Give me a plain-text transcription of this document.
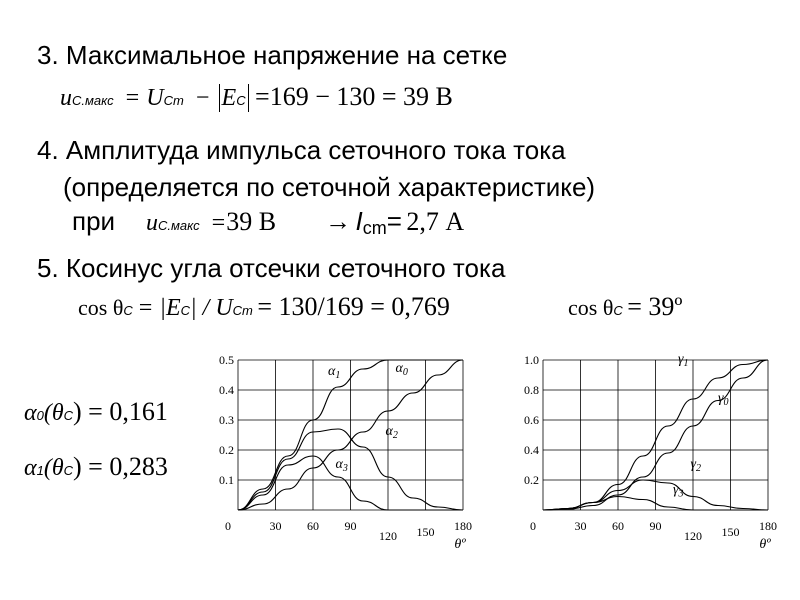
3. Максимальное напряжение на сетке
uС.макс  = UCm  − EC =169 − 130 = 39 В
4. Амплитуда импульса сеточного тока тока
(определяется по сеточной характеристике)
при uС.макс  =39 В → Icm= 2,7 А
5. Косинус угла отсечки сеточного тока
cos θC = |EC| / UCm = 130/169 = 0,769	cos θC = 39º
α0(θC) = 0,161
α1(θC) = 0,283	0.1
0.2
0.3
0.4
0.5
0	30 60 90
120 150 180
θº
$\alpha_1$	$\alpha_0$
$\alpha_2$
$\alpha_3$
0.2
0.4
0.6
0.8
1.0
0	30 60 90
120 150 180
θº
$\gamma_1$
$\gamma_0$
$\gamma_2$
$\gamma_3$
